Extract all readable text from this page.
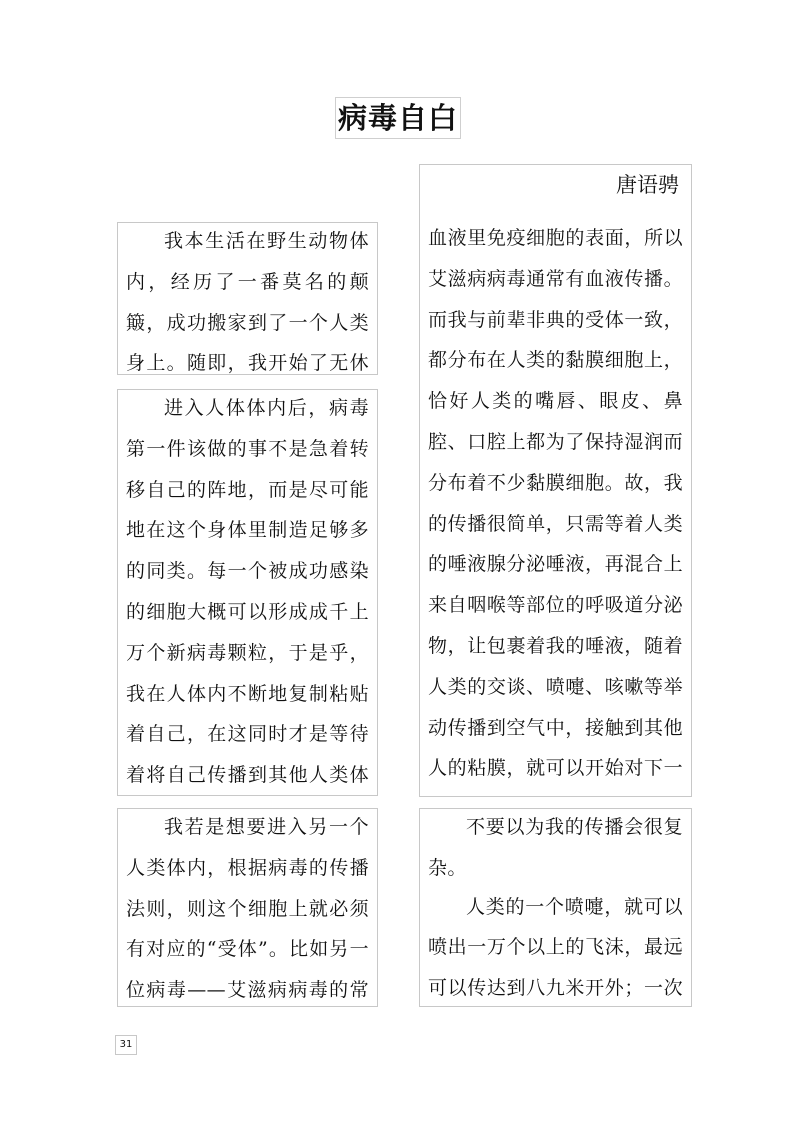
病毒自白
唐语骋

我本生活在野生动物体内，经历了一番莫名的颠簸，成功搬家到了一个人类身上。随即，我开始了无休

进入人体体内后，病毒第一件该做的事不是急着转移自己的阵地，而是尽可能地在这个身体里制造足够多的同类。每一个被成功感染的细胞大概可以形成成千上万个新病毒颗粒，于是乎，我在人体内不断地复制粘贴着自己，在这同时才是等待着将自己传播到其他人类体

我若是想要进入另一个人类体内，根据病毒的传播法则，则这个细胞上就必须有对应的“受体”。比如另一位病毒——艾滋病病毒的常

血液里免疫细胞的表面，所以艾滋病病毒通常有血液传播。而我与前辈非典的受体一致，都分布在人类的黏膜细胞上，恰好人类的嘴唇、眼皮、鼻腔、口腔上都为了保持湿润而分布着不少黏膜细胞。故，我的传播很简单，只需等着人类的唾液腺分泌唾液，再混合上来自咽喉等部位的呼吸道分泌物，让包裹着我的唾液，随着人类的交谈、喷嚏、咳嗽等举动传播到空气中，接触到其他人的粘膜，就可以开始对下一

不要以为我的传播会很复杂。

人类的一个喷嚏，就可以喷出一万个以上的飞沫，最远可以传达到八九米开外；一次

31
